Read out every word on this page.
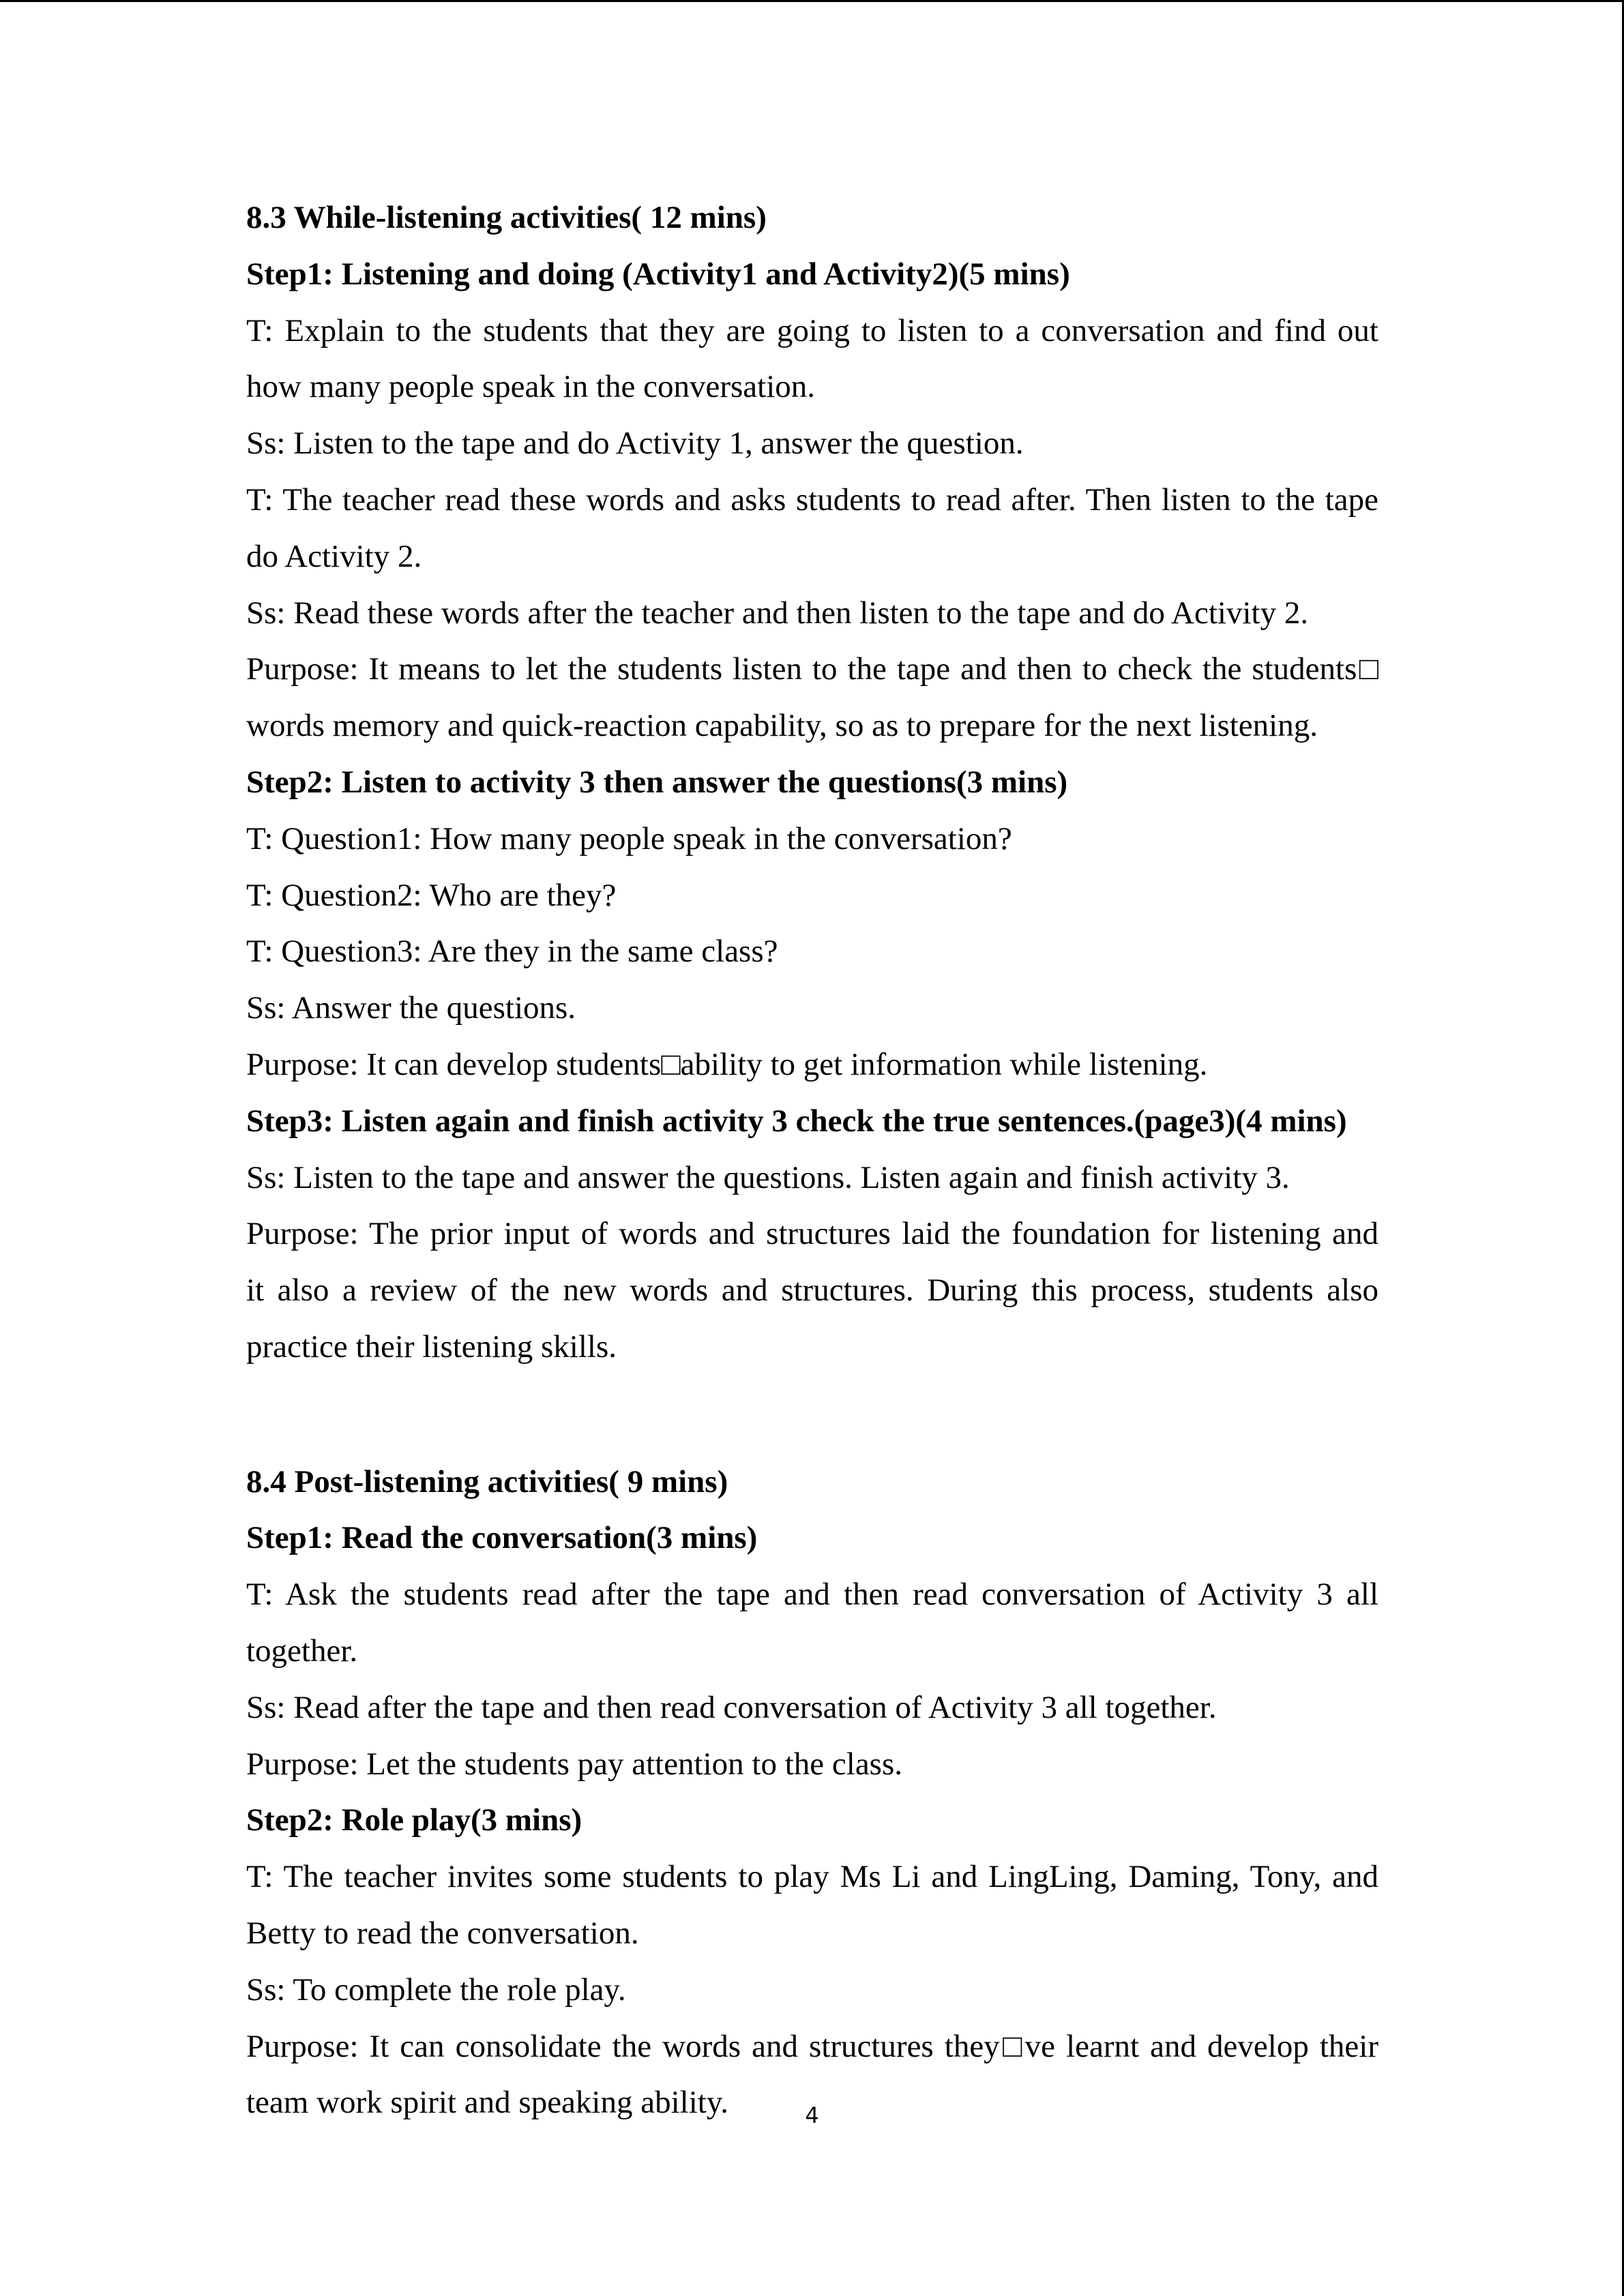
8.3 While-listening activities( 12 mins)

Step1: Listening and doing (Activity1 and Activity2)(5 mins)

T: Explain to the students that they are going to listen to a conversation and find out

how many people speak in the conversation.

Ss: Listen to the tape and do Activity 1, answer the question.

T: The teacher read these words and asks students to read after. Then listen to the tape

do Activity 2.

Ss: Read these words after the teacher and then listen to the tape and do Activity 2.

Purpose: It means to let the students listen to the tape and then to check the students□

words memory and quick-reaction capability, so as to prepare for the next listening.

Step2: Listen to activity 3 then answer the questions(3 mins)

T: Question1: How many people speak in the conversation?

T: Question2: Who are they?

T: Question3: Are they in the same class?

Ss: Answer the questions.

Purpose: It can develop students□ability to get information while listening.

Step3: Listen again and finish activity 3 check the true sentences.(page3)(4 mins)

Ss: Listen to the tape and answer the questions. Listen again and finish activity 3.

Purpose: The prior input of words and structures laid the foundation for listening and

it also a review of the new words and structures. During this process, students also

practice their listening skills.

8.4 Post-listening activities( 9 mins)

Step1: Read the conversation(3 mins)

T: Ask the students read after the tape and then read conversation of Activity 3 all

together.

Ss: Read after the tape and then read conversation of Activity 3 all together.

Purpose: Let the students pay attention to the class.

Step2: Role play(3 mins)

T: The teacher invites some students to play Ms Li and LingLing, Daming, Tony, and

Betty to read the conversation.

Ss: To complete the role play.

Purpose: It can consolidate the words and structures they□ve learnt and develop their

team work spirit and speaking ability.	4
